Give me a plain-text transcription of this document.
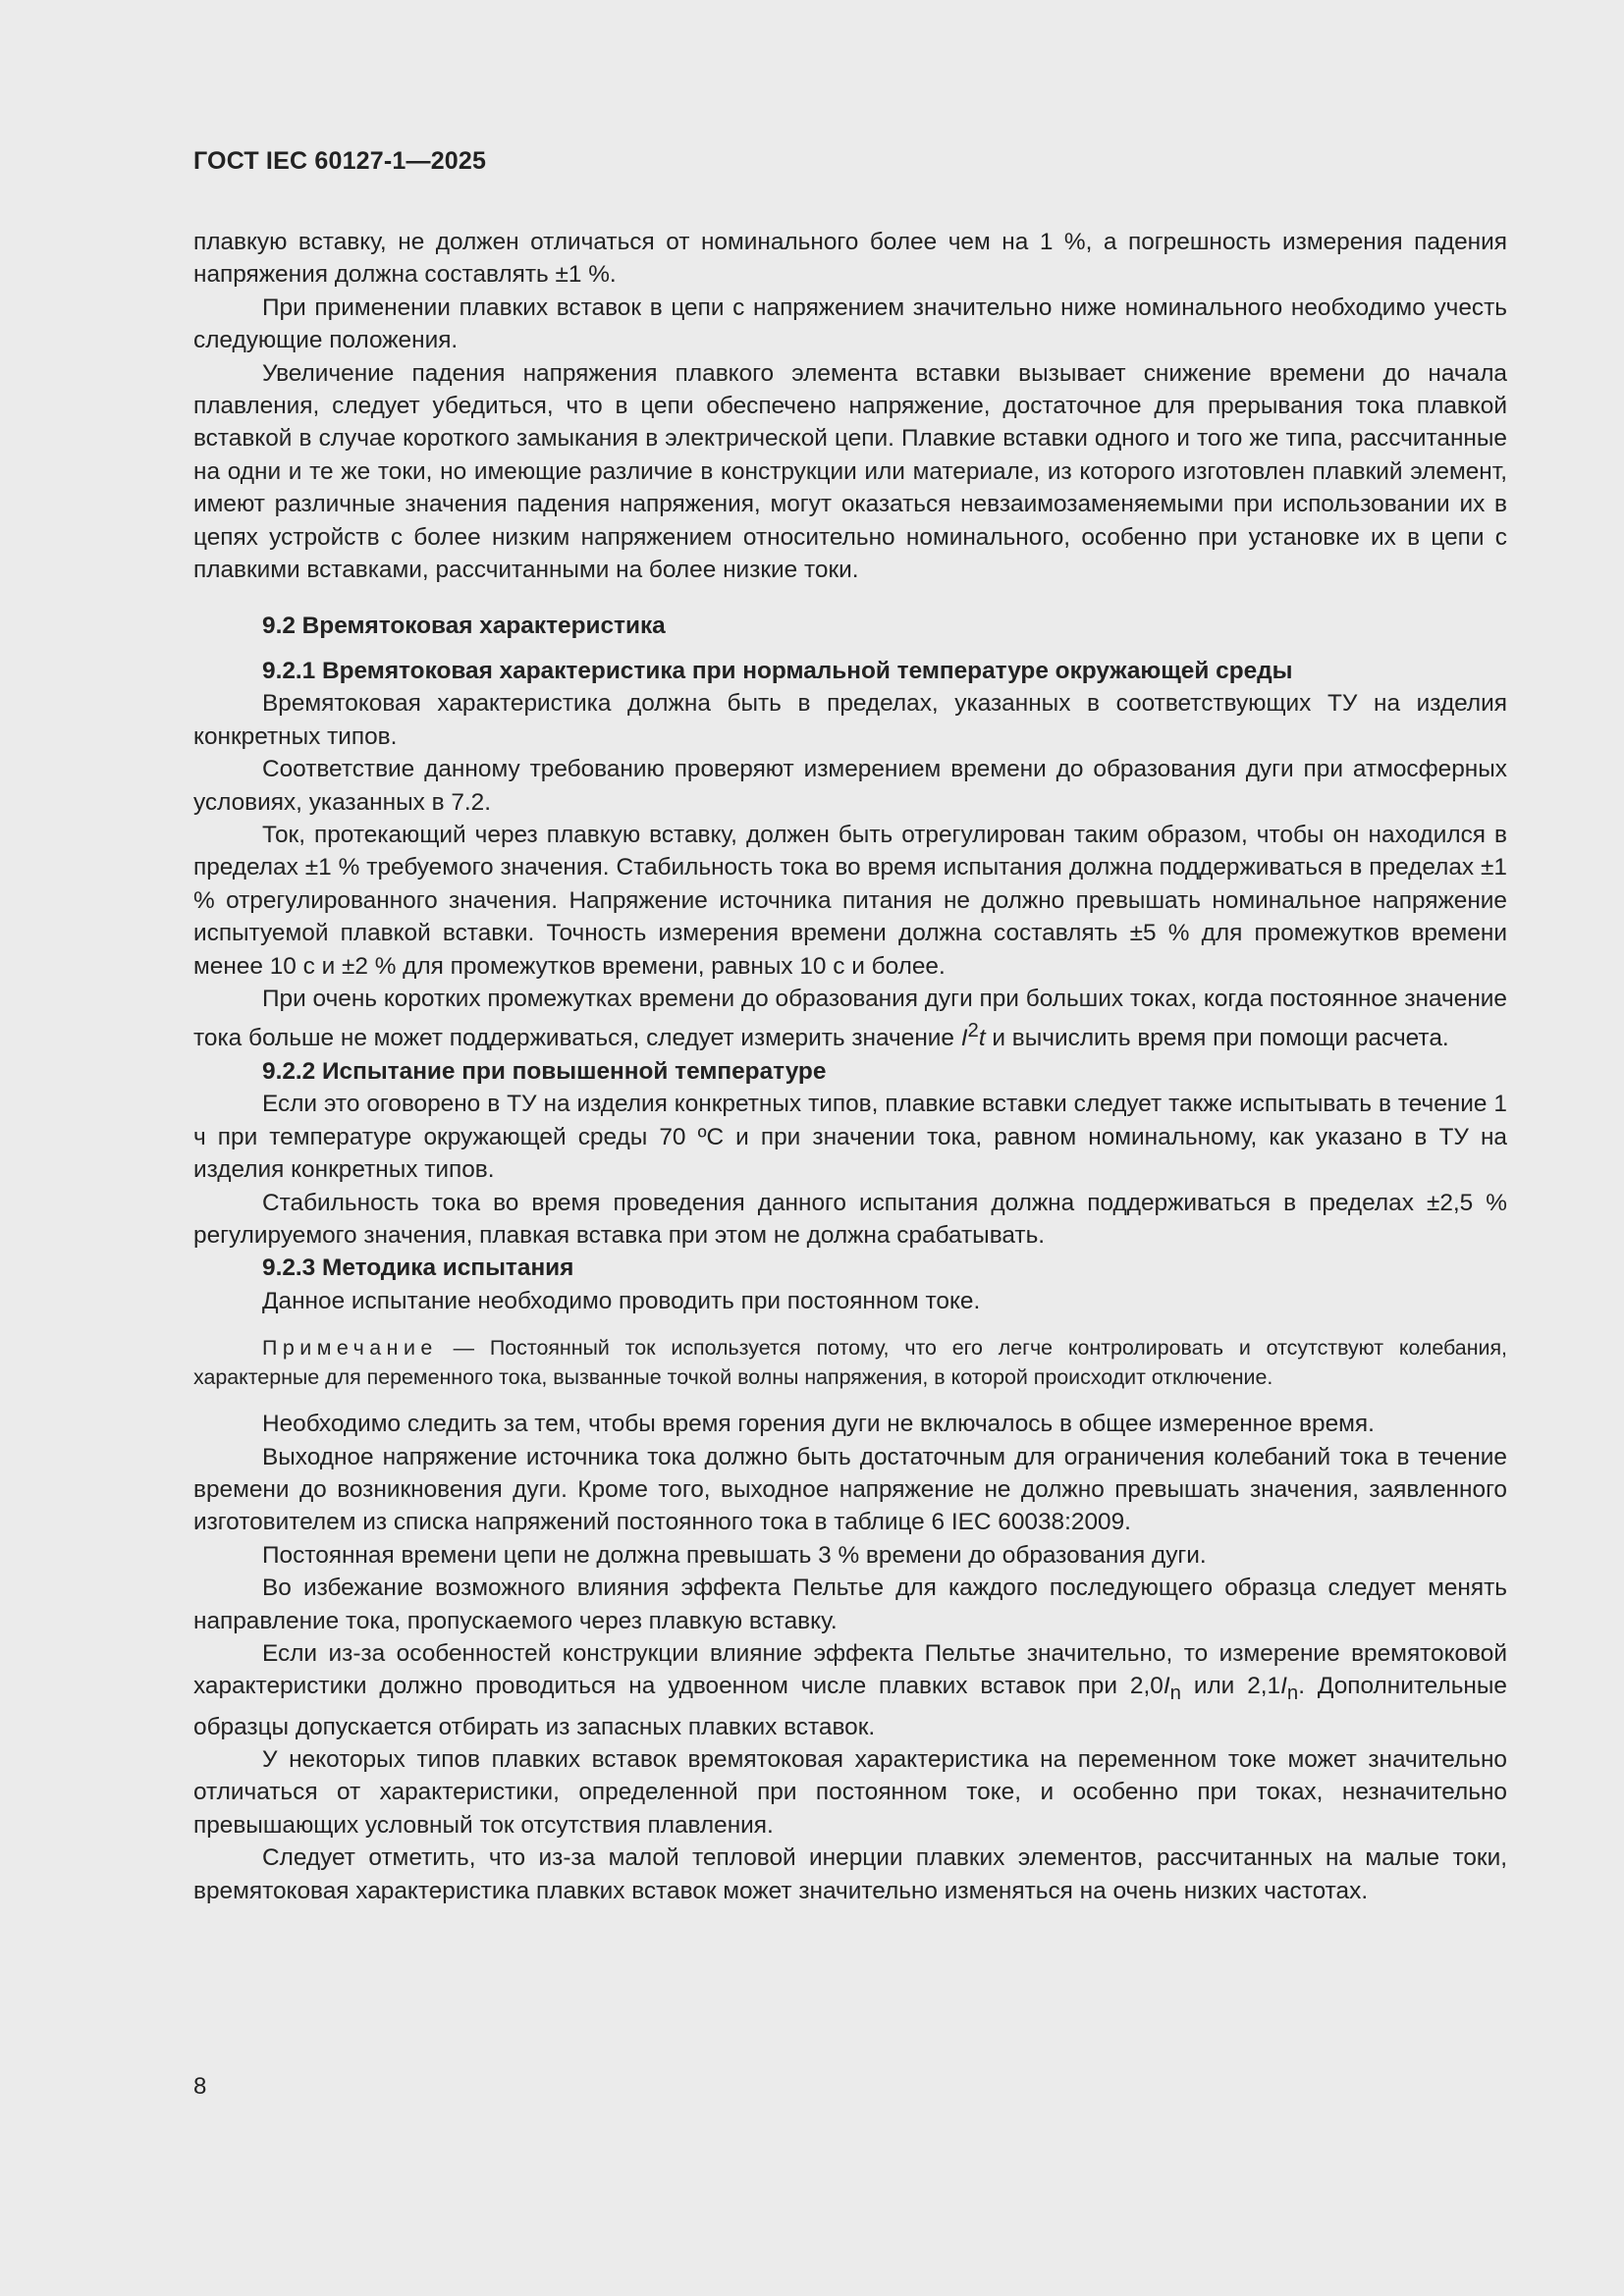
ГОСТ IEC 60127-1—2025

плавкую вставку, не должен отличаться от номинального более чем на 1 %, а погрешность измерения падения напряжения должна составлять ±1 %.

При применении плавких вставок в цепи с напряжением значительно ниже номинального необходимо учесть следующие положения.

Увеличение падения напряжения плавкого элемента вставки вызывает снижение времени до начала плавления, следует убедиться, что в цепи обеспечено напряжение, достаточное для прерывания тока плавкой вставкой в случае короткого замыкания в электрической цепи. Плавкие вставки одного и того же типа, рассчитанные на одни и те же токи, но имеющие различие в конструкции или материале, из которого изготовлен плавкий элемент, имеют различные значения падения напряжения, могут оказаться невзаимозаменяемыми при использовании их в цепях устройств с более низким напряжением относительно номинального, особенно при установке их в цепи с плавкими вставками, рассчитанными на более низкие токи.

9.2 Времятоковая характеристика
9.2.1 Времятоковая характеристика при нормальной температуре окружающей среды

Времятоковая характеристика должна быть в пределах, указанных в соответствующих ТУ на изделия конкретных типов.

Соответствие данному требованию проверяют измерением времени до образования дуги при атмосферных условиях, указанных в 7.2.

Ток, протекающий через плавкую вставку, должен быть отрегулирован таким образом, чтобы он находился в пределах ±1 % требуемого значения. Стабильность тока во время испытания должна поддерживаться в пределах ±1 % отрегулированного значения. Напряжение источника питания не должно превышать номинальное напряжение испытуемой плавкой вставки. Точность измерения времени должна составлять ±5 % для промежутков времени менее 10 с и ±2 % для промежутков времени, равных 10 с и более.

При очень коротких промежутках времени до образования дуги при больших токах, когда постоянное значение тока больше не может поддерживаться, следует измерить значение $I^2t$ и вычислить время при помощи расчета.

9.2.2 Испытание при повышенной температуре

Если это оговорено в ТУ на изделия конкретных типов, плавкие вставки следует также испытывать в течение 1 ч при температуре окружающей среды 70 ºС и при значении тока, равном номинальному, как указано в ТУ на изделия конкретных типов.

Стабильность тока во время проведения данного испытания должна поддерживаться в пределах ±2,5 % регулируемого значения, плавкая вставка при этом не должна срабатывать.

9.2.3 Методика испытания

Данное испытание необходимо проводить при постоянном токе.

Примечание — Постоянный ток используется потому, что его легче контролировать и отсутствуют колебания, характерные для переменного тока, вызванные точкой волны напряжения, в которой происходит отключение.

Необходимо следить за тем, чтобы время горения дуги не включалось в общее измеренное время.

Выходное напряжение источника тока должно быть достаточным для ограничения колебаний тока в течение времени до возникновения дуги. Кроме того, выходное напряжение не должно превышать значения, заявленного изготовителем из списка напряжений постоянного тока в таблице 6 IEC 60038:2009.

Постоянная времени цепи не должна превышать 3 % времени до образования дуги.

Во избежание возможного влияния эффекта Пельтье для каждого последующего образца следует менять направление тока, пропускаемого через плавкую вставку.

Если из-за особенностей конструкции влияние эффекта Пельтье значительно, то измерение времятоковой характеристики должно проводиться на удвоенном числе плавких вставок при $2,0I_n$ или $2,1I_n$. Дополнительные образцы допускается отбирать из запасных плавких вставок.

У некоторых типов плавких вставок времятоковая характеристика на переменном токе может значительно отличаться от характеристики, определенной при постоянном токе, и особенно при токах, незначительно превышающих условный ток отсутствия плавления.

Следует отметить, что из-за малой тепловой инерции плавких элементов, рассчитанных на малые токи, времятоковая характеристика плавких вставок может значительно изменяться на очень низких частотах.

8
